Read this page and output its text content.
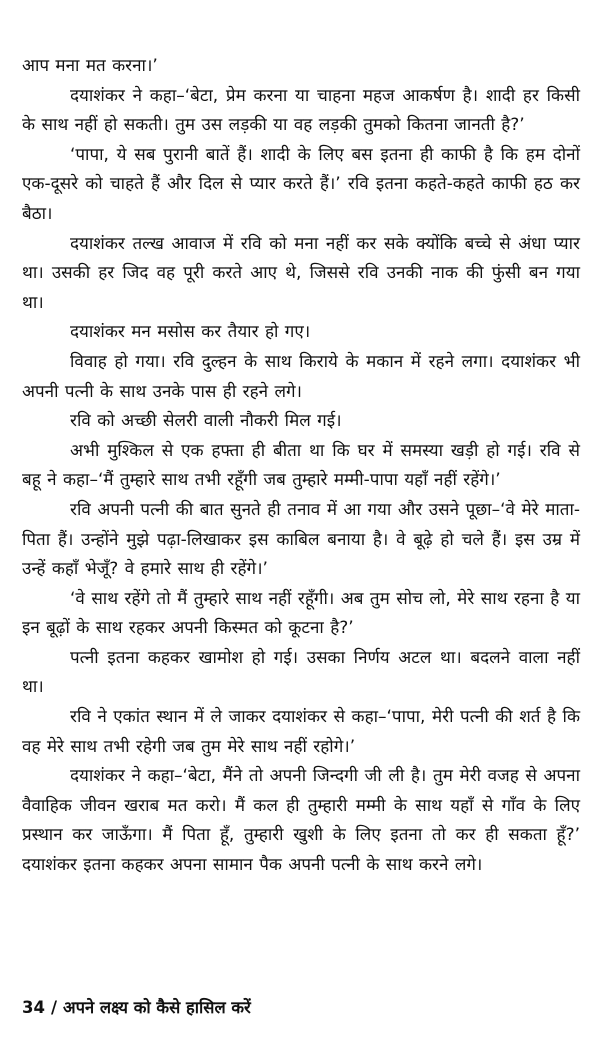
आप मना मत करना।’

दयाशंकर ने कहा–‘बेटा, प्रेम करना या चाहना महज आकर्षण है। शादी हर किसी के साथ नहीं हो सकती। तुम उस लड़की या वह लड़की तुमको कितना जानती है?’

‘पापा, ये सब पुरानी बातें हैं। शादी के लिए बस इतना ही काफी है कि हम दोनों एक-दूसरे को चाहते हैं और दिल से प्यार करते हैं।’ रवि इतना कहते-कहते काफी हठ कर बैठा।

दयाशंकर तल्ख आवाज में रवि को मना नहीं कर सके क्योंकि बच्चे से अंधा प्यार था। उसकी हर जिद वह पूरी करते आए थे, जिससे रवि उनकी नाक की फुंसी बन गया था।

दयाशंकर मन मसोस कर तैयार हो गए।

विवाह हो गया। रवि दुल्हन के साथ किराये के मकान में रहने लगा। दयाशंकर भी अपनी पत्नी के साथ उनके पास ही रहने लगे।

रवि को अच्छी सेलरी वाली नौकरी मिल गई।

अभी मुश्किल से एक हफ्ता ही बीता था कि घर में समस्या खड़ी हो गई। रवि से बहू ने कहा–‘मैं तुम्हारे साथ तभी रहूँगी जब तुम्हारे मम्मी-पापा यहाँ नहीं रहेंगे।’

रवि अपनी पत्नी की बात सुनते ही तनाव में आ गया और उसने पूछा–‘वे मेरे माता-पिता हैं। उन्होंने मुझे पढ़ा-लिखाकर इस काबिल बनाया है। वे बूढ़े हो चले हैं। इस उम्र में उन्हें कहाँ भेजूँ? वे हमारे साथ ही रहेंगे।’

‘वे साथ रहेंगे तो मैं तुम्हारे साथ नहीं रहूँगी। अब तुम सोच लो, मेरे साथ रहना है या इन बूढ़ों के साथ रहकर अपनी किस्मत को कूटना है?’

पत्नी इतना कहकर खामोश हो गई। उसका निर्णय अटल था। बदलने वाला नहीं था।

रवि ने एकांत स्थान में ले जाकर दयाशंकर से कहा–‘पापा, मेरी पत्नी की शर्त है कि वह मेरे साथ तभी रहेगी जब तुम मेरे साथ नहीं रहोगे।’

दयाशंकर ने कहा–‘बेटा, मैंने तो अपनी जिन्दगी जी ली है। तुम मेरी वजह से अपना वैवाहिक जीवन खराब मत करो। मैं कल ही तुम्हारी मम्मी के साथ यहाँ से गाँव के लिए प्रस्थान कर जाऊँगा। मैं पिता हूँ, तुम्हारी खुशी के लिए इतना तो कर ही सकता हूँ?’ दयाशंकर इतना कहकर अपना सामान पैक अपनी पत्नी के साथ करने लगे।

34 / अपने लक्ष्य को कैसे हासिल करें
